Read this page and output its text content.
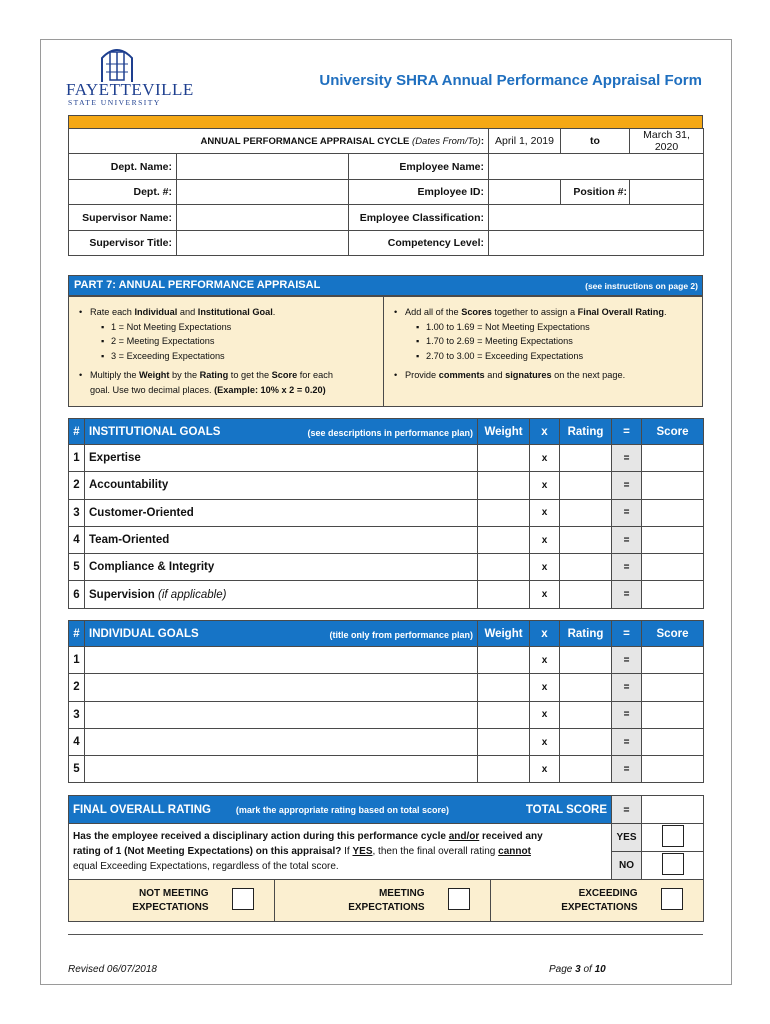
FAYETTEVILLE
STATE UNIVERSITY
University SHRA Annual Performance Appraisal Form
ANNUAL PERFORMANCE APPRAISAL CYCLE (Dates From/To):			April 1, 2019	to	March 31, 2020
Dept. Name:		Employee Name:			
Dept. #:		Employee ID:		Position #:	
Supervisor Name:		Employee Classification:			
Supervisor Title:		Competency Level:			
PART 7: ANNUAL PERFORMANCE APPRAISAL	(see instructions on page 2)
• Rate each Individual and Institutional Goal.
▪ 1 = Not Meeting Expectations
▪ 2 = Meeting Expectations
▪ 3 = Exceeding Expectations
• Multiply the Weight by the Rating to get the Score for each
goal. Use two decimal places. (Example: 10% x 2 = 0.20)
• Add all of the Scores together to assign a Final Overall Rating.
▪ 1.00 to 1.69 = Not Meeting Expectations
▪ 1.70 to 2.69 = Meeting Expectations
▪ 2.70 to 3.00 = Exceeding Expectations
• Provide comments and signatures on the next page.
#	INSTITUTIONAL GOALS (see descriptions in performance plan)	Weight	x	Rating	=	Score
1	Expertise		x		=	
2	Accountability		x		=	
3	Customer-Oriented		x		=	
4	Team-Oriented		x		=	
5	Compliance & Integrity		x		=	
6	Supervision (if applicable)		x		=	
#	INDIVIDUAL GOALS (title only from performance plan)	Weight	x	Rating	=	Score
1			x		=	
2			x		=	
3			x		=	
4			x		=	
5			x		=	
FINAL OVERALL RATING (mark the appropriate rating based on total score) TOTAL SCORE	=	
Has the employee received a disciplinary action during this performance cycle and/or received any
rating of 1 (Not Meeting Expectations) on this appraisal? If YES, then the final overall rating cannot
equal Exceeding Expectations, regardless of the total score.	YES	
	NO	
NOT MEETING
EXPECTATIONS		MEETING
EXPECTATIONS		EXCEEDING
EXPECTATIONS	
Revised 06/07/2018	Page 3 of 10
